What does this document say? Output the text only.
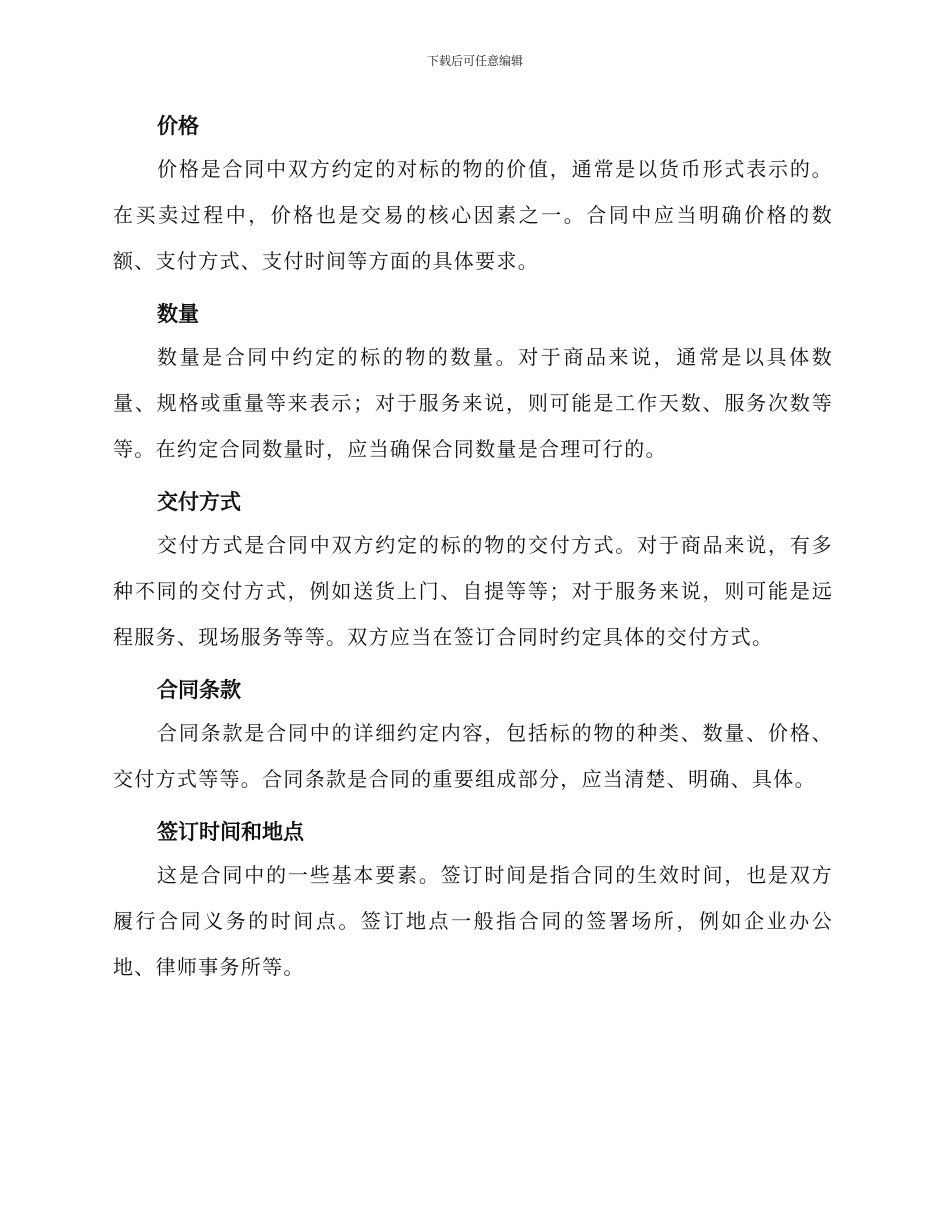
下载后可任意编辑
价格

价格是合同中双方约定的对标的物的价值，通常是以货币形式表示的。在买卖过程中，价格也是交易的核心因素之一。合同中应当明确价格的数额、支付方式、支付时间等方面的具体要求。

数量

数量是合同中约定的标的物的数量。对于商品来说，通常是以具体数量、规格或重量等来表示；对于服务来说，则可能是工作天数、服务次数等等。在约定合同数量时，应当确保合同数量是合理可行的。

交付方式

交付方式是合同中双方约定的标的物的交付方式。对于商品来说，有多种不同的交付方式，例如送货上门、自提等等；对于服务来说，则可能是远程服务、现场服务等等。双方应当在签订合同时约定具体的交付方式。

合同条款

合同条款是合同中的详细约定内容，包括标的物的种类、数量、价格、交付方式等等。合同条款是合同的重要组成部分，应当清楚、明确、具体。

签订时间和地点

这是合同中的一些基本要素。签订时间是指合同的生效时间，也是双方履行合同义务的时间点。签订地点一般指合同的签署场所，例如企业办公地、律师事务所等。
